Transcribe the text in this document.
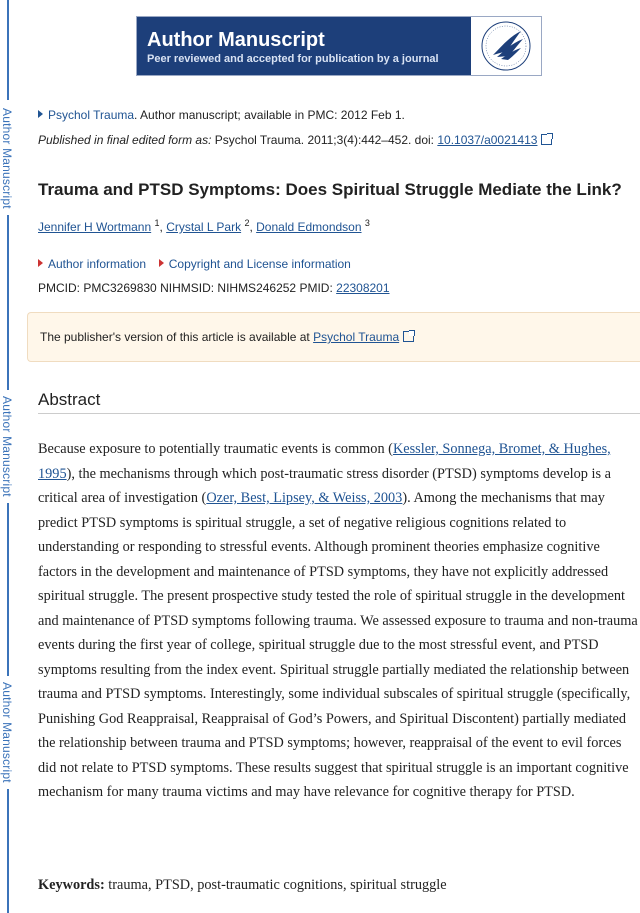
Author Manuscript
Author Manuscript
Author Manuscript
Author Manuscript
Peer reviewed and accepted for publication by a journal
Psychol Trauma. Author manuscript; available in PMC: 2012 Feb 1.
Published in final edited form as: Psychol Trauma. 2011;3(4):442–452. doi: 10.1037/a0021413
Trauma and PTSD Symptoms: Does Spiritual Struggle Mediate the Link?
Jennifer H Wortmann $^1$, Crystal L Park $^2$, Donald Edmondson $^3$
Author information Copyright and License information
PMCID: PMC3269830 NIHMSID: NIHMS246252 PMID: 22308201
The publisher's version of this article is available at Psychol Trauma
Abstract

Because exposure to potentially traumatic events is common (Kessler, Sonnega, Bromet, & Hughes, 1995), the mechanisms through which post-traumatic stress disorder (PTSD) symptoms develop is a critical area of investigation (Ozer, Best, Lipsey, & Weiss, 2003). Among the mechanisms that may predict PTSD symptoms is spiritual struggle, a set of negative religious cognitions related to understanding or responding to stressful events. Although prominent theories emphasize cognitive factors in the development and maintenance of PTSD symptoms, they have not explicitly addressed spiritual struggle. The present prospective study tested the role of spiritual struggle in the development and maintenance of PTSD symptoms following trauma. We assessed exposure to trauma and non-trauma events during the first year of college, spiritual struggle due to the most stressful event, and PTSD symptoms resulting from the index event. Spiritual struggle partially mediated the relationship between trauma and PTSD symptoms. Interestingly, some individual subscales of spiritual struggle (specifically, Punishing God Reappraisal, Reappraisal of God’s Powers, and Spiritual Discontent) partially mediated the relationship between trauma and PTSD symptoms; however, reappraisal of the event to evil forces did not relate to PTSD symptoms. These results suggest that spiritual struggle is an important cognitive mechanism for many trauma victims and may have relevance for cognitive therapy for PTSD.

Keywords: trauma, PTSD, post-traumatic cognitions, spiritual struggle
